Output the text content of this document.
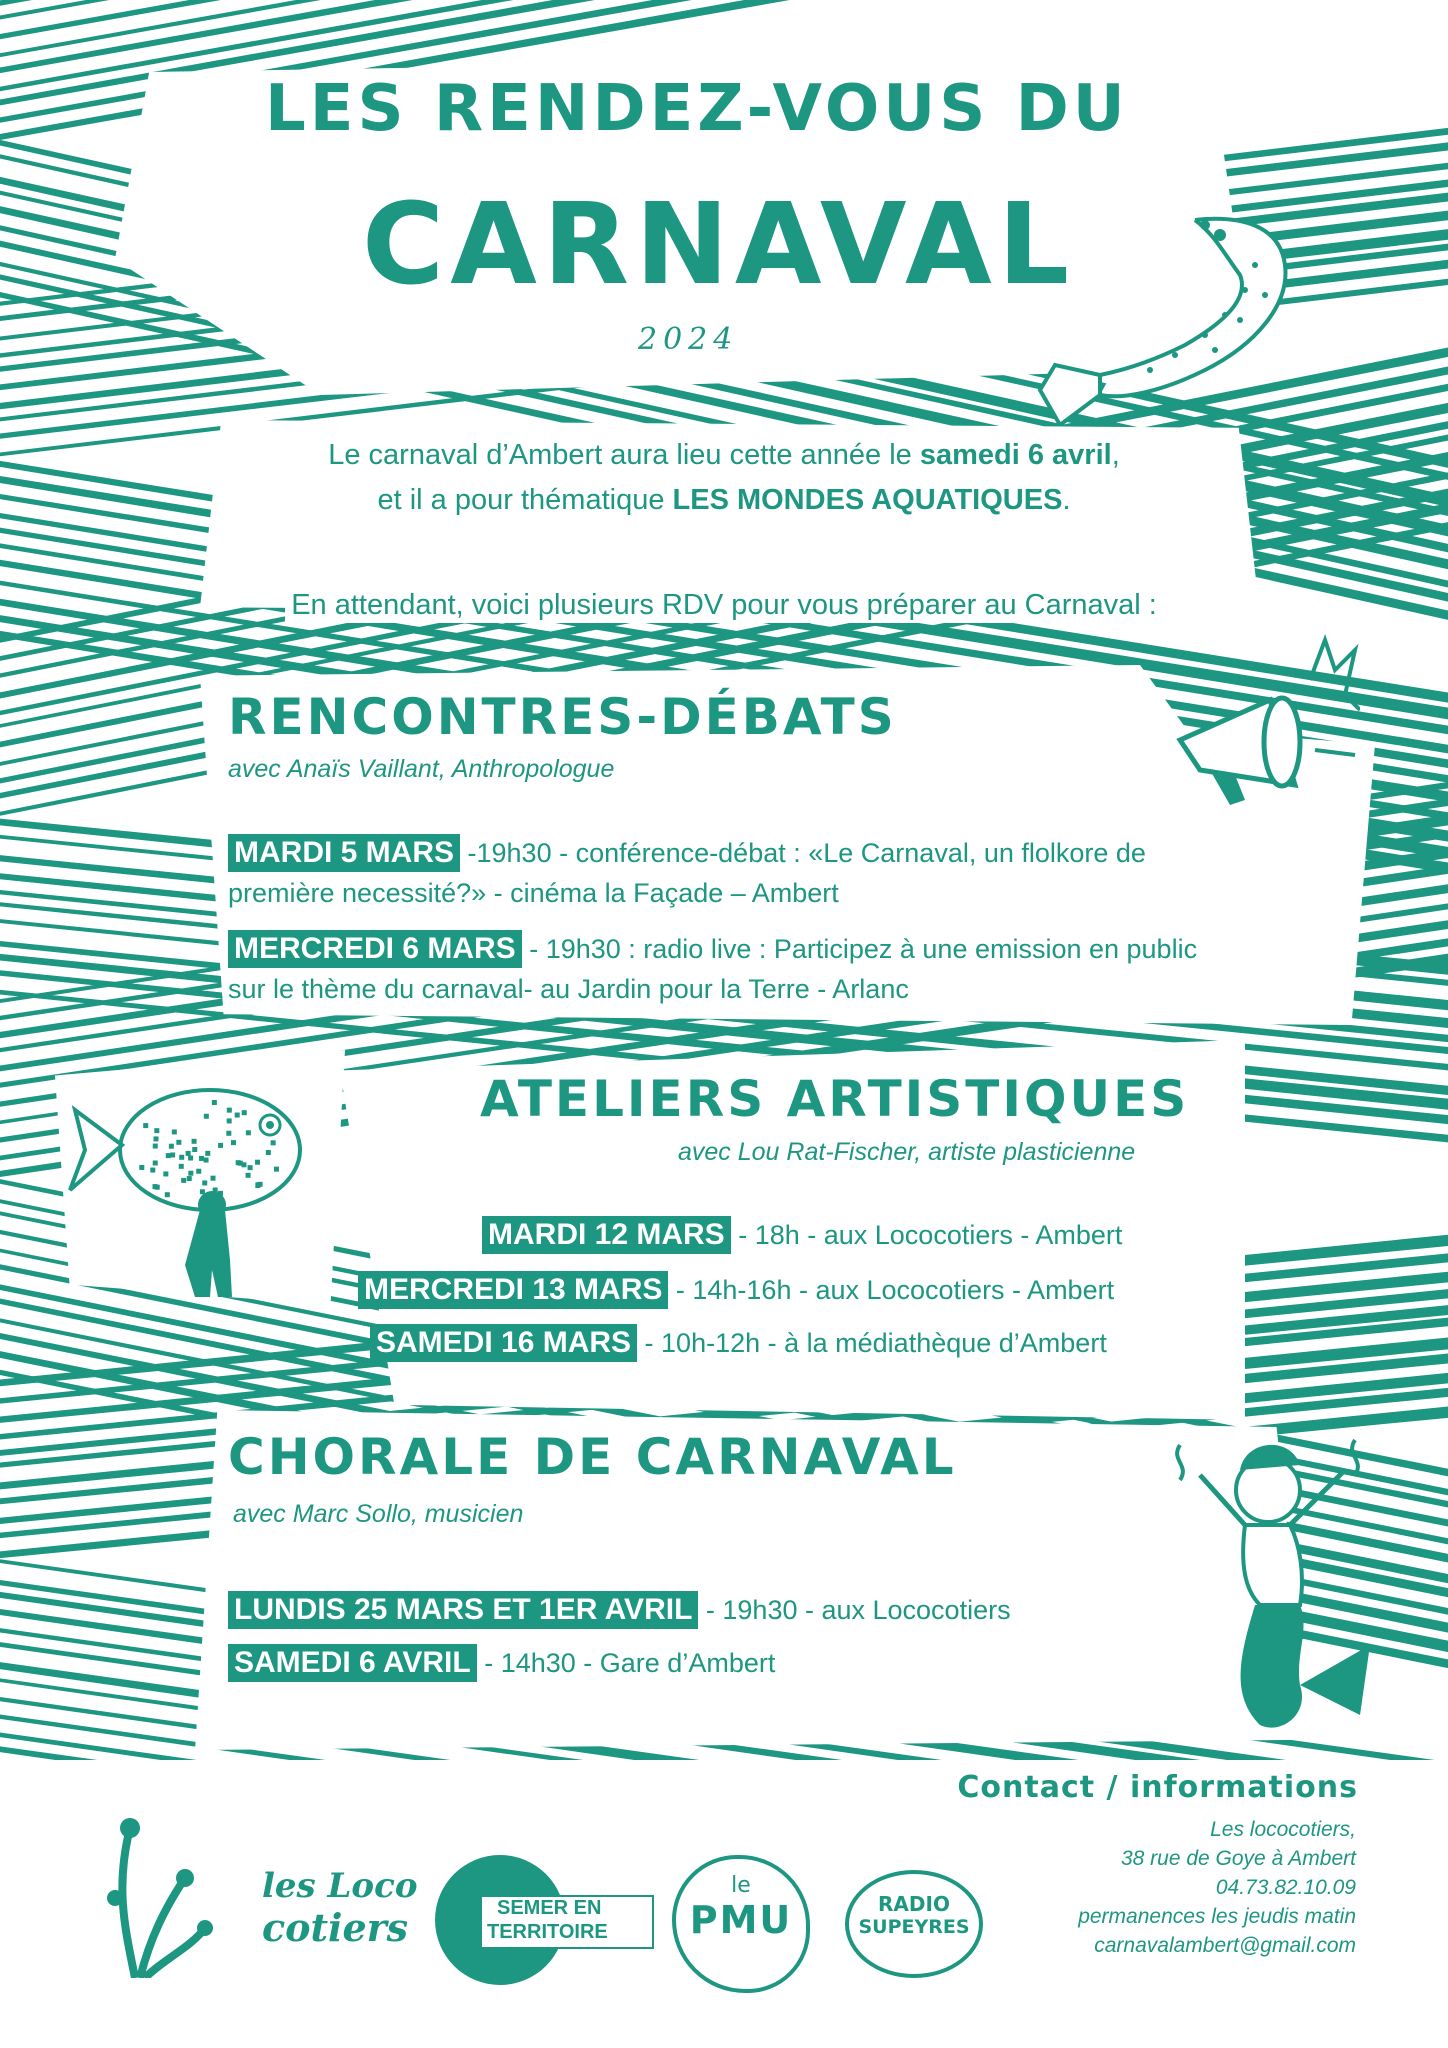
LES RENDEZ-VOUS DU
CARNAVAL
2024
Le carnaval d’Ambert aura lieu cette année le samedi 6 avril,
et il a pour thématique LES MONDES AQUATIQUES.
En attendant, voici plusieurs RDV pour vous préparer au Carnaval :
RENCONTRES-DÉBATS
avec Anaïs Vaillant, Anthropologue
MARDI 5 MARS -19h30 - conférence-débat : «Le Carnaval, un flolkore de
première necessité?» - cinéma la Façade – Ambert
MERCREDI 6 MARS - 19h30 : radio live : Participez à une emission en public
sur le thème du carnaval- au Jardin pour la Terre - Arlanc
ATELIERS ARTISTIQUES
avec Lou Rat-Fischer, artiste plasticienne
MARDI 12 MARS - 18h - aux Lococotiers - Ambert
MERCREDI 13 MARS - 14h-16h - aux Lococotiers - Ambert
SAMEDI 16 MARS - 10h-12h - à la médiathèque d’Ambert
CHORALE DE CARNAVAL
avec Marc Sollo, musicien
LUNDIS 25 MARS ET 1ER AVRIL - 19h30 - aux Lococotiers
SAMEDI 6 AVRIL - 14h30 - Gare d’Ambert
les Loco
cotiers	SEMER EN
TERRITOIRE
le
PMU	RADIO
SUPEYRES
Contact / informations
Les lococotiers,
38 rue de Goye à Ambert
04.73.82.10.09
permanences les jeudis matin
carnavalambert@gmail.com
